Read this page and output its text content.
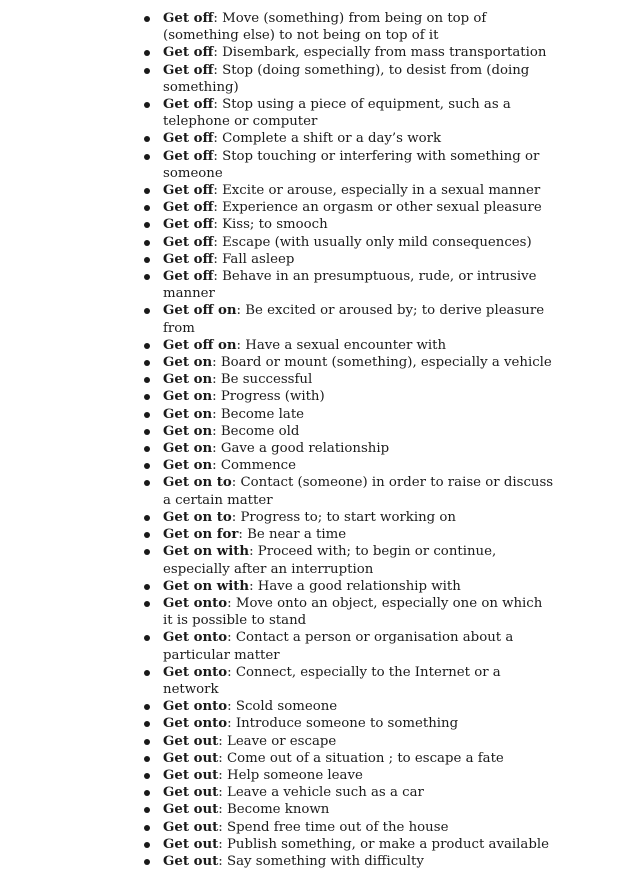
Get off: Move (something) from being on top of (something else) to not being on top of it
Get off: Disembark, especially from mass transportation
Get off: Stop (doing something), to desist from (doing something)
Get off: Stop using a piece of equipment, such as a telephone or computer
Get off: Complete a shift or a day’s work
Get off: Stop touching or interfering with something or someone
Get off: Excite or arouse, especially in a sexual manner
Get off: Experience an orgasm or other sexual pleasure
Get off: Kiss; to smooch
Get off: Escape (with usually only mild consequences)
Get off: Fall asleep
Get off: Behave in an presumptuous, rude, or intrusive manner
Get off on: Be excited or aroused by; to derive pleasure from
Get off on: Have a sexual encounter with
Get on: Board or mount (something), especially a vehicle
Get on: Be successful
Get on: Progress (with)
Get on: Become late
Get on: Become old
Get on: Gave a good relationship
Get on: Commence
Get on to: Contact (someone) in order to raise or discuss a certain matter
Get on to: Progress to; to start working on
Get on for: Be near a time
Get on with: Proceed with; to begin or continue, especially after an interruption
Get on with: Have a good relationship with
Get onto: Move onto an object, especially one on which it is possible to stand
Get onto: Contact a person or organisation about a particular matter
Get onto: Connect, especially to the Internet or a network
Get onto: Scold someone
Get onto: Introduce someone to something
Get out: Leave or escape
Get out: Come out of a situation ; to escape a fate
Get out: Help someone leave
Get out: Leave a vehicle such as a car
Get out: Become known
Get out: Spend free time out of the house
Get out: Publish something, or make a product available
Get out: Say something with difficulty
